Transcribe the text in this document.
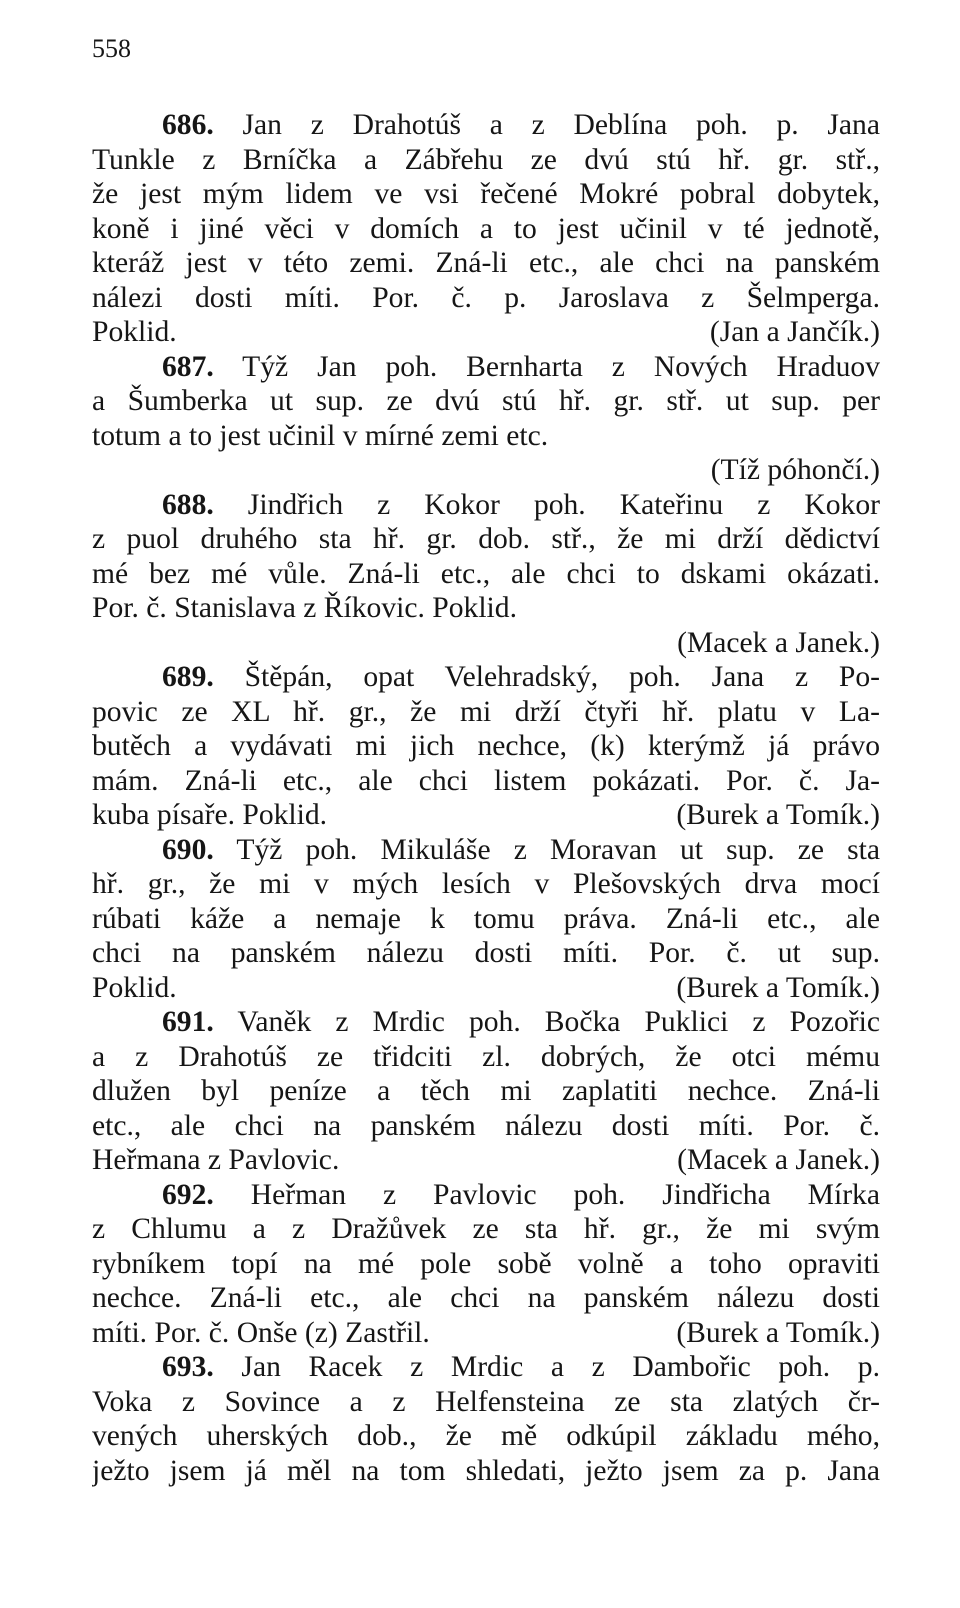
558
686. Jan z Drahotúš a z Deblína poh. p. Jana
Tunkle z Brníčka a Zábřehu ze dvú stú hř. gr. stř.,
že jest mým lidem ve vsi řečené Mokré pobral dobytek,
koně i jiné věci v domích a to jest učinil v té jednotě,
kteráž jest v této zemi. Zná-li etc., ale chci na panském
nálezi dosti míti. Por. č. p. Jaroslava z Šelmperga.
Poklid.	(Jan a Jančík.)
687. Týž Jan poh. Bernharta z Nových Hraduov
a Šumberka ut sup. ze dvú stú hř. gr. stř. ut sup. per
totum a to jest učinil v mírné zemi etc.
(Tíž póhončí.)
688. Jindřich z Kokor poh. Kateřinu z Kokor
z puol druhého sta hř. gr. dob. stř., že mi drží dědictví
mé bez mé vůle. Zná-li etc., ale chci to dskami okázati.
Por. č. Stanislava z Říkovic. Poklid.
(Macek a Janek.)
689. Štěpán, opat Velehradský, poh. Jana z Po-
povic ze XL hř. gr., že mi drží čtyři hř. platu v La-
butěch a vydávati mi jich nechce, (k) kterýmž já právo
mám. Zná-li etc., ale chci listem pokázati. Por. č. Ja-
kuba písaře. Poklid.	(Burek a Tomík.)
690. Týž poh. Mikuláše z Moravan ut sup. ze sta
hř. gr., že mi v mých lesích v Plešovských drva mocí
rúbati káže a nemaje k tomu práva. Zná-li etc., ale
chci na panském nálezu dosti míti. Por. č. ut sup.
Poklid.	(Burek a Tomík.)
691. Vaněk z Mrdic poh. Bočka Puklici z Pozořic
a z Drahotúš ze třidciti zl. dobrých, že otci mému
dlužen byl peníze a těch mi zaplatiti nechce. Zná-li
etc., ale chci na panském nálezu dosti míti. Por. č.
Heřmana z Pavlovic.	(Macek a Janek.)
692. Heřman z Pavlovic poh. Jindřicha Mírka
z Chlumu a z Dražůvek ze sta hř. gr., že mi svým
rybníkem topí na mé pole sobě volně a toho opraviti
nechce. Zná-li etc., ale chci na panském nálezu dosti
míti. Por. č. Onše (z) Zastřil.	(Burek a Tomík.)
693. Jan Racek z Mrdic a z Dambořic poh. p.
Voka z Sovince a z Helfensteina ze sta zlatých čr-
vených uherských dob., že mě odkúpil základu mého,
ježto jsem já měl na tom shledati, ježto jsem za p. Jana
